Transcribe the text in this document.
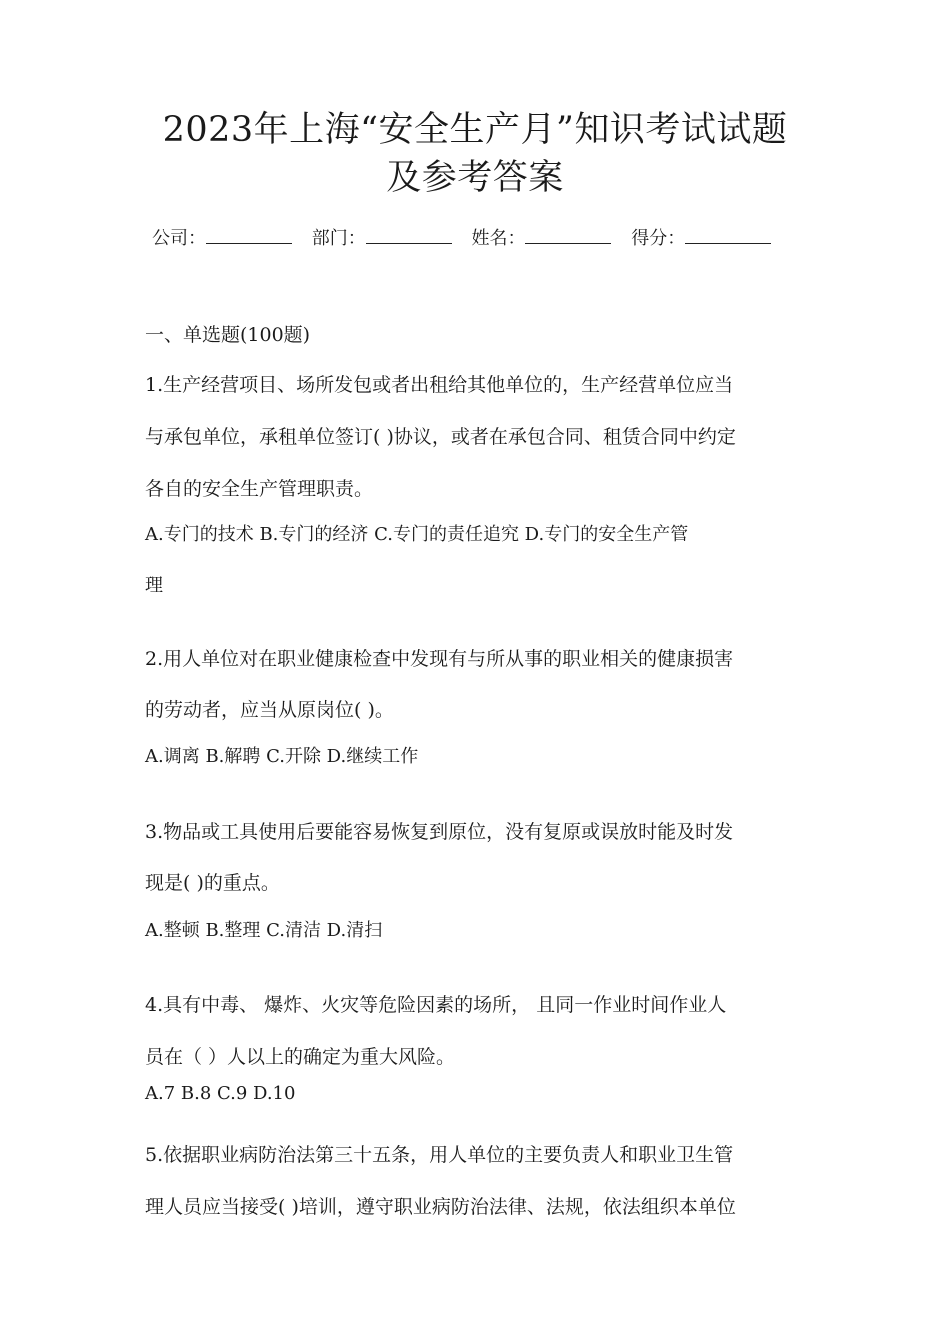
2023年上海“安全生产月”知识考试试题
及参考答案
公司：	部门：	姓名：	得分：
一、单选题(100题)
1.生产经营项目、场所发包或者出租给其他单位的，生产经营单位应当
与承包单位，承租单位签订( )协议，或者在承包合同、租赁合同中约定
各自的安全生产管理职责。
A.专门的技术 B.专门的经济 C.专门的责任追究 D.专门的安全生产管
理
2.用人单位对在职业健康检查中发现有与所从事的职业相关的健康损害
的劳动者，应当从原岗位( )。
A.调离 B.解聘 C.开除 D.继续工作
3.物品或工具使用后要能容易恢复到原位，没有复原或误放时能及时发
现是( )的重点。
A.整顿 B.整理 C.清洁 D.清扫
4.具有中毒、 爆炸、火灾等危险因素的场所， 且同一作业时间作业人
员在（ ）人以上的确定为重大风险。
A.7 B.8 C.9 D.10
5.依据职业病防治法第三十五条，用人单位的主要负责人和职业卫生管
理人员应当接受( )培训，遵守职业病防治法律、法规，依法组织本单位
